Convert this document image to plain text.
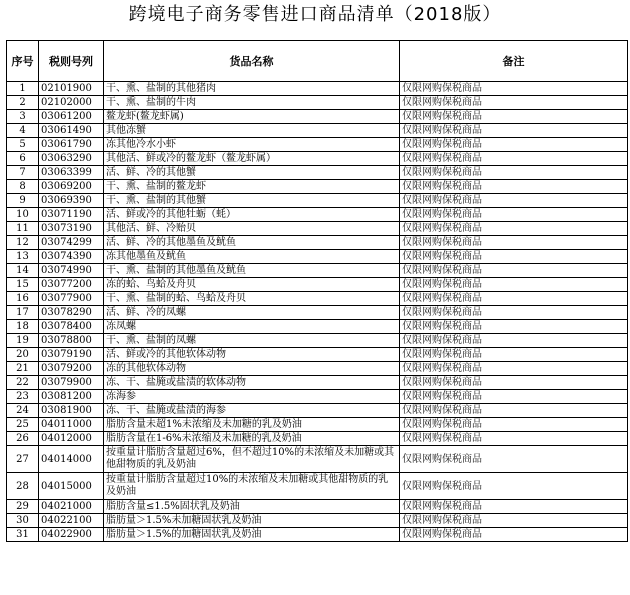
跨境电子商务零售进口商品清单（2018版）
序号	税则号列	货品名称	备注
1	02101900	干、熏、盐制的其他猪肉	仅限网购保税商品
2	02102000	干、熏、盐制的牛肉	仅限网购保税商品
3	03061200	鳌龙虾(鳌龙虾属)	仅限网购保税商品
4	03061490	其他冻蟹	仅限网购保税商品
5	03061790	冻其他冷水小虾	仅限网购保税商品
6	03063290	其他活、鲜或冷的鳌龙虾（鳌龙虾属）	仅限网购保税商品
7	03063399	活、鲜、冷的其他蟹	仅限网购保税商品
8	03069200	干、熏、盐制的鳌龙虾	仅限网购保税商品
9	03069390	干、熏、盐制的其他蟹	仅限网购保税商品
10	03071190	活、鲜或冷的其他牡蛎（蚝）	仅限网购保税商品
11	03073190	其他活、鲜、冷贻贝	仅限网购保税商品
12	03074299	活、鲜、冷的其他墨鱼及鱿鱼	仅限网购保税商品
13	03074390	冻其他墨鱼及鱿鱼	仅限网购保税商品
14	03074990	干、熏、盐制的其他墨鱼及鱿鱼	仅限网购保税商品
15	03077200	冻的蛤、鸟蛤及舟贝	仅限网购保税商品
16	03077900	干、熏、盐制的蛤、鸟蛤及舟贝	仅限网购保税商品
17	03078290	活、鲜、冷的凤螺	仅限网购保税商品
18	03078400	冻凤螺	仅限网购保税商品
19	03078800	干、熏、盐制的凤螺	仅限网购保税商品
20	03079190	活、鲜或冷的其他软体动物	仅限网购保税商品
21	03079200	冻的其他软体动物	仅限网购保税商品
22	03079900	冻、干、盐腌或盐渍的软体动物	仅限网购保税商品
23	03081200	冻海参	仅限网购保税商品
24	03081900	冻、干、盐腌或盐渍的海参	仅限网购保税商品
25	04011000	脂肪含量未超1%未浓缩及未加糖的乳及奶油	仅限网购保税商品
26	04012000	脂肪含量在1-6%未浓缩及未加糖的乳及奶油	仅限网购保税商品
27	04014000	按重量计脂肪含量超过6%，但不超过10%的未浓缩及未加糖或其他甜物质的乳及奶油	仅限网购保税商品
28	04015000	按重量计脂肪含量超过10%的未浓缩及未加糖或其他甜物质的乳及奶油	仅限网购保税商品
29	04021000	脂肪含量≤1.5%固状乳及奶油	仅限网购保税商品
30	04022100	脂肪量＞1.5%未加糖固状乳及奶油	仅限网购保税商品
31	04022900	脂肪量＞1.5%的加糖固状乳及奶油	仅限网购保税商品
